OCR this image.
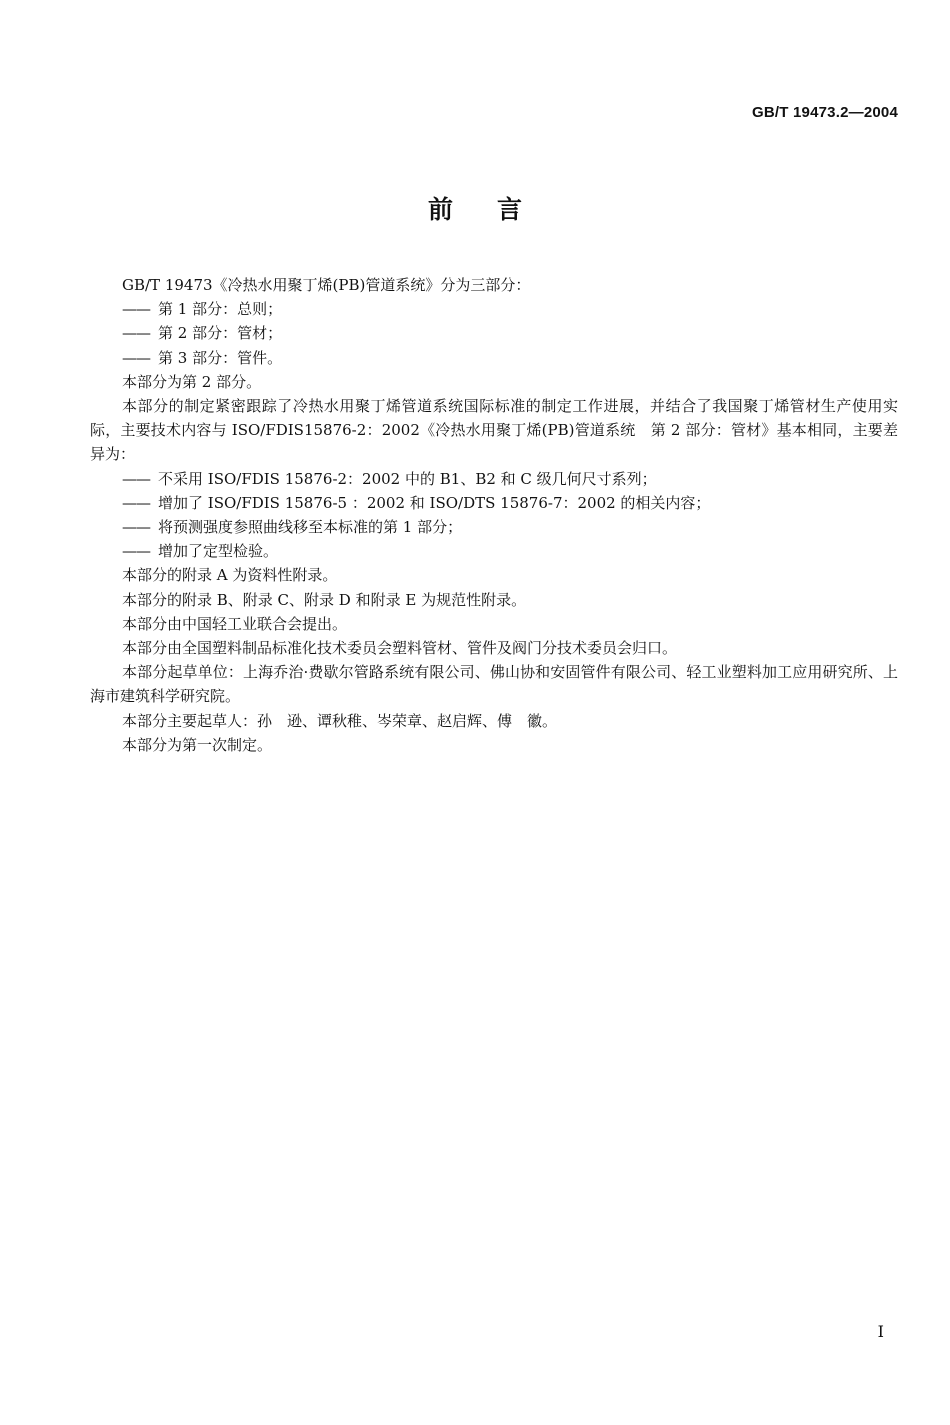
GB/T 19473.2—2004
前 言

GB/T 19473《冷热水用聚丁烯(PB)管道系统》分为三部分：

—— 第 1 部分：总则；

—— 第 2 部分：管材；

—— 第 3 部分：管件。

本部分为第 2 部分。

本部分的制定紧密跟踪了冷热水用聚丁烯管道系统国际标准的制定工作进展，并结合了我国聚丁烯管材生产使用实际，主要技术内容与 ISO/FDIS15876-2：2002《冷热水用聚丁烯(PB)管道系统　第 2 部分：管材》基本相同，主要差异为：

—— 不采用 ISO/FDIS 15876-2：2002 中的 B1、B2 和 C 级几何尺寸系列；

—— 增加了 ISO/FDIS 15876-5 ：2002 和 ISO/DTS 15876-7：2002 的相关内容；

—— 将预测强度参照曲线移至本标准的第 1 部分；

—— 增加了定型检验。

本部分的附录 A 为资料性附录。

本部分的附录 B、附录 C、附录 D 和附录 E 为规范性附录。

本部分由中国轻工业联合会提出。

本部分由全国塑料制品标准化技术委员会塑料管材、管件及阀门分技术委员会归口。

本部分起草单位：上海乔治·费歇尔管路系统有限公司、佛山协和安固管件有限公司、轻工业塑料加工应用研究所、上海市建筑科学研究院。

本部分主要起草人：孙　逊、谭秋稚、岑荣章、赵启辉、傅　徽。

本部分为第一次制定。

I
